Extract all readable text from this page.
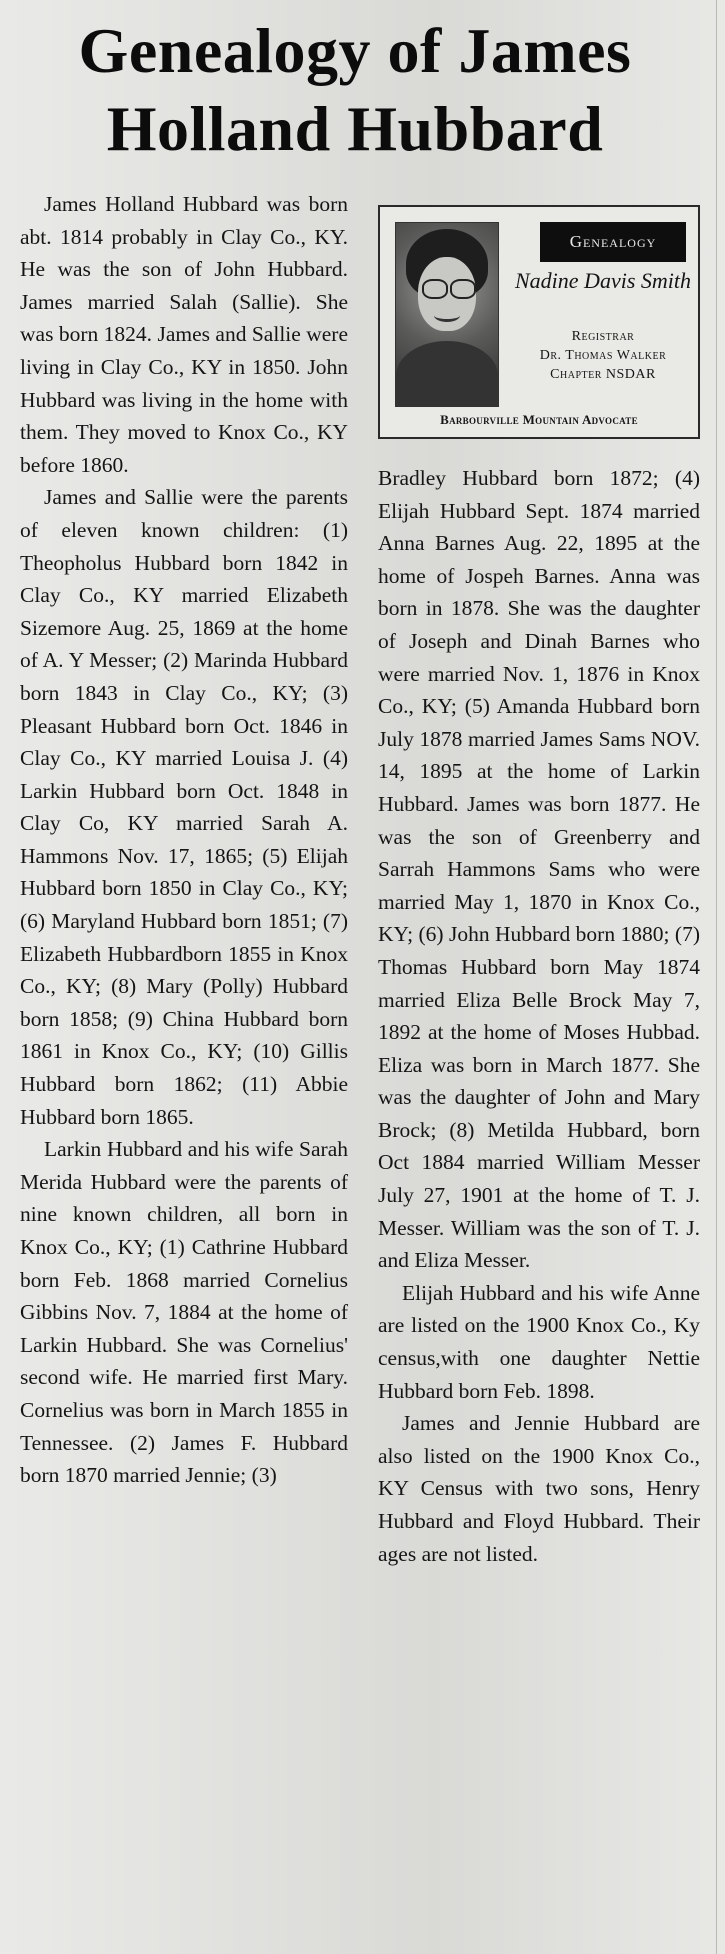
Genealogy of James Holland Hubbard

James Holland Hubbard was born abt. 1814 probably in Clay Co., KY. He was the son of John Hubbard. James married Salah (Sallie). She was born 1824. James and Sallie were living in Clay Co., KY in 1850. John Hubbard was living in the home with them. They moved to Knox Co., KY before 1860.

James and Sallie were the parents of eleven known children: (1) Theopholus Hubbard born 1842 in Clay Co., KY married Elizabeth Sizemore Aug. 25, 1869 at the home of A. Y Messer; (2) Marinda Hubbard born 1843 in Clay Co., KY; (3) Pleasant Hubbard born Oct. 1846 in Clay Co., KY married Louisa J. (4) Larkin Hubbard born Oct. 1848 in Clay Co, KY married Sarah A. Hammons Nov. 17, 1865; (5) Elijah Hubbard born 1850 in Clay Co., KY; (6) Maryland Hubbard born 1851; (7) Elizabeth Hubbardborn 1855 in Knox Co., KY; (8) Mary (Polly) Hubbard born 1858; (9) China Hubbard born 1861 in Knox Co., KY; (10) Gillis Hubbard born 1862; (11) Abbie Hubbard born 1865.

Larkin Hubbard and his wife Sarah Merida Hubbard were the parents of nine known children, all born in Knox Co., KY; (1) Cathrine Hubbard born Feb. 1868 married Cornelius Gibbins Nov. 7, 1884 at the home of Larkin Hubbard. She was Cornelius' second wife. He married first Mary. Cornelius was born in March 1855 in Tennessee. (2) James F. Hubbard born 1870 married Jennie; (3)

Genealogy
Nadine Davis Smith
Registrar
Dr. Thomas Walker
Chapter NSDAR
Barbourville Mountain Advocate

Bradley Hubbard born 1872; (4) Elijah Hubbard Sept. 1874 married Anna Barnes Aug. 22, 1895 at the home of Jospeh Barnes. Anna was born in 1878. She was the daughter of Joseph and Dinah Barnes who were married Nov. 1, 1876 in Knox Co., KY; (5) Amanda Hubbard born July 1878 married James Sams NOV. 14, 1895 at the home of Larkin Hubbard. James was born 1877. He was the son of Greenberry and Sarrah Hammons Sams who were married May 1, 1870 in Knox Co., KY; (6) John Hubbard born 1880; (7) Thomas Hubbard born May 1874 married Eliza Belle Brock May 7, 1892 at the home of Moses Hubbad. Eliza was born in March 1877. She was the daughter of John and Mary Brock; (8) Metilda Hubbard, born Oct 1884 married William Messer July 27, 1901 at the home of T. J. Messer. William was the son of T. J. and Eliza Messer.

Elijah Hubbard and his wife Anne are listed on the 1900 Knox Co., Ky census,with one daughter Nettie Hubbard born Feb. 1898.

James and Jennie Hubbard are also listed on the 1900 Knox Co., KY Census with two sons, Henry Hubbard and Floyd Hubbard. Their ages are not listed.
